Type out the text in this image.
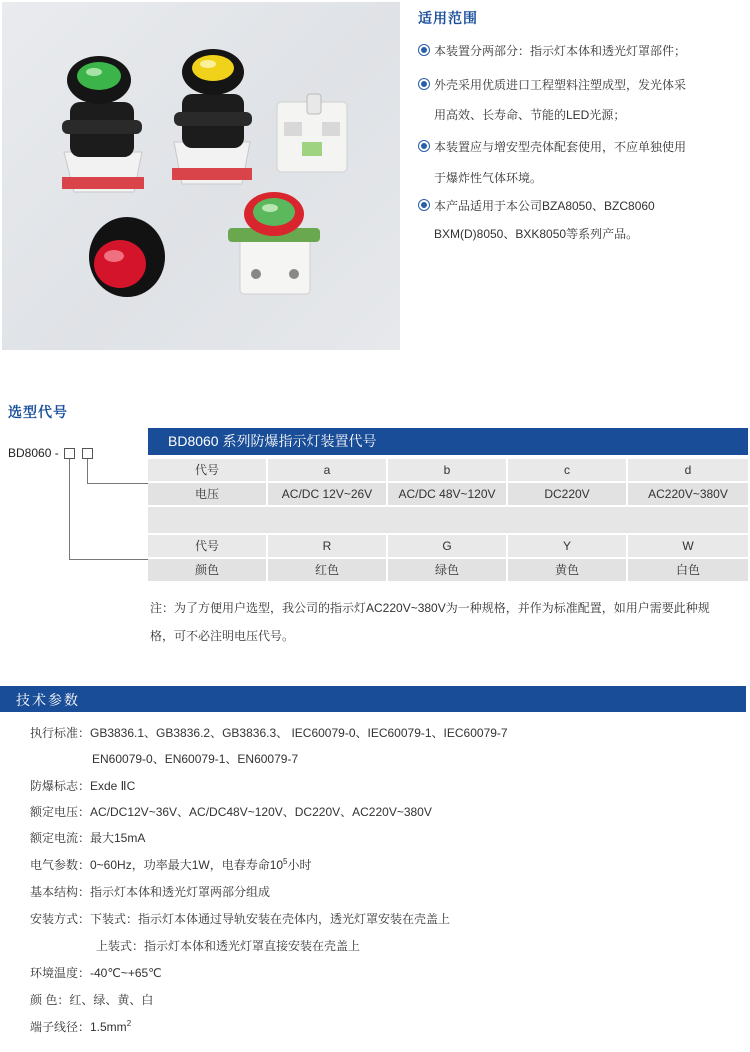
适用范围
本装置分两部分：指示灯本体和透光灯罩部件；
外壳采用优质进口工程塑料注塑成型，发光体采
用高效、长寿命、节能的LED光源；
本装置应与增安型壳体配套使用，不应单独使用
于爆炸性气体环境。
本产品适用于本公司BZA8050、BZC8060
BXM(D)8050、BXK8050等系列产品。
选型代号
BD8060 -
BD8060 系列防爆指示灯装置代号
代号	a	b	c	d
电压	AC/DC 12V~26V	AC/DC 48V~120V	DC220V	AC220V~380V
代号	R	G	Y	W
颜色	红色	绿色	黄色	白色
注：为了方便用户选型，我公司的指示灯AC220V~380V为一种规格，并作为标准配置，如用户需要此种规
格，可不必注明电压代号。
技术参数
执行标准：GB3836.1、GB3836.2、GB3836.3、 IEC60079-0、IEC60079-1、IEC60079-7
EN60079-0、EN60079-1、EN60079-7
防爆标志：Exde ⅡC
额定电压：AC/DC12V~36V、AC/DC48V~120V、DC220V、AC220V~380V
额定电流：最大15mA
电气参数：0~60Hz，功率最大1W，电春寿命$10^5$小时
基本结构：指示灯本体和透光灯罩两部分组成
安装方式：下装式：指示灯本体通过导轨安装在壳体内，透光灯罩安装在壳盖上
上装式：指示灯本体和透光灯罩直接安装在壳盖上
环境温度：-40℃~+65℃
颜 色：红、绿、黄、白
端子线径：$1.5mm^2$
